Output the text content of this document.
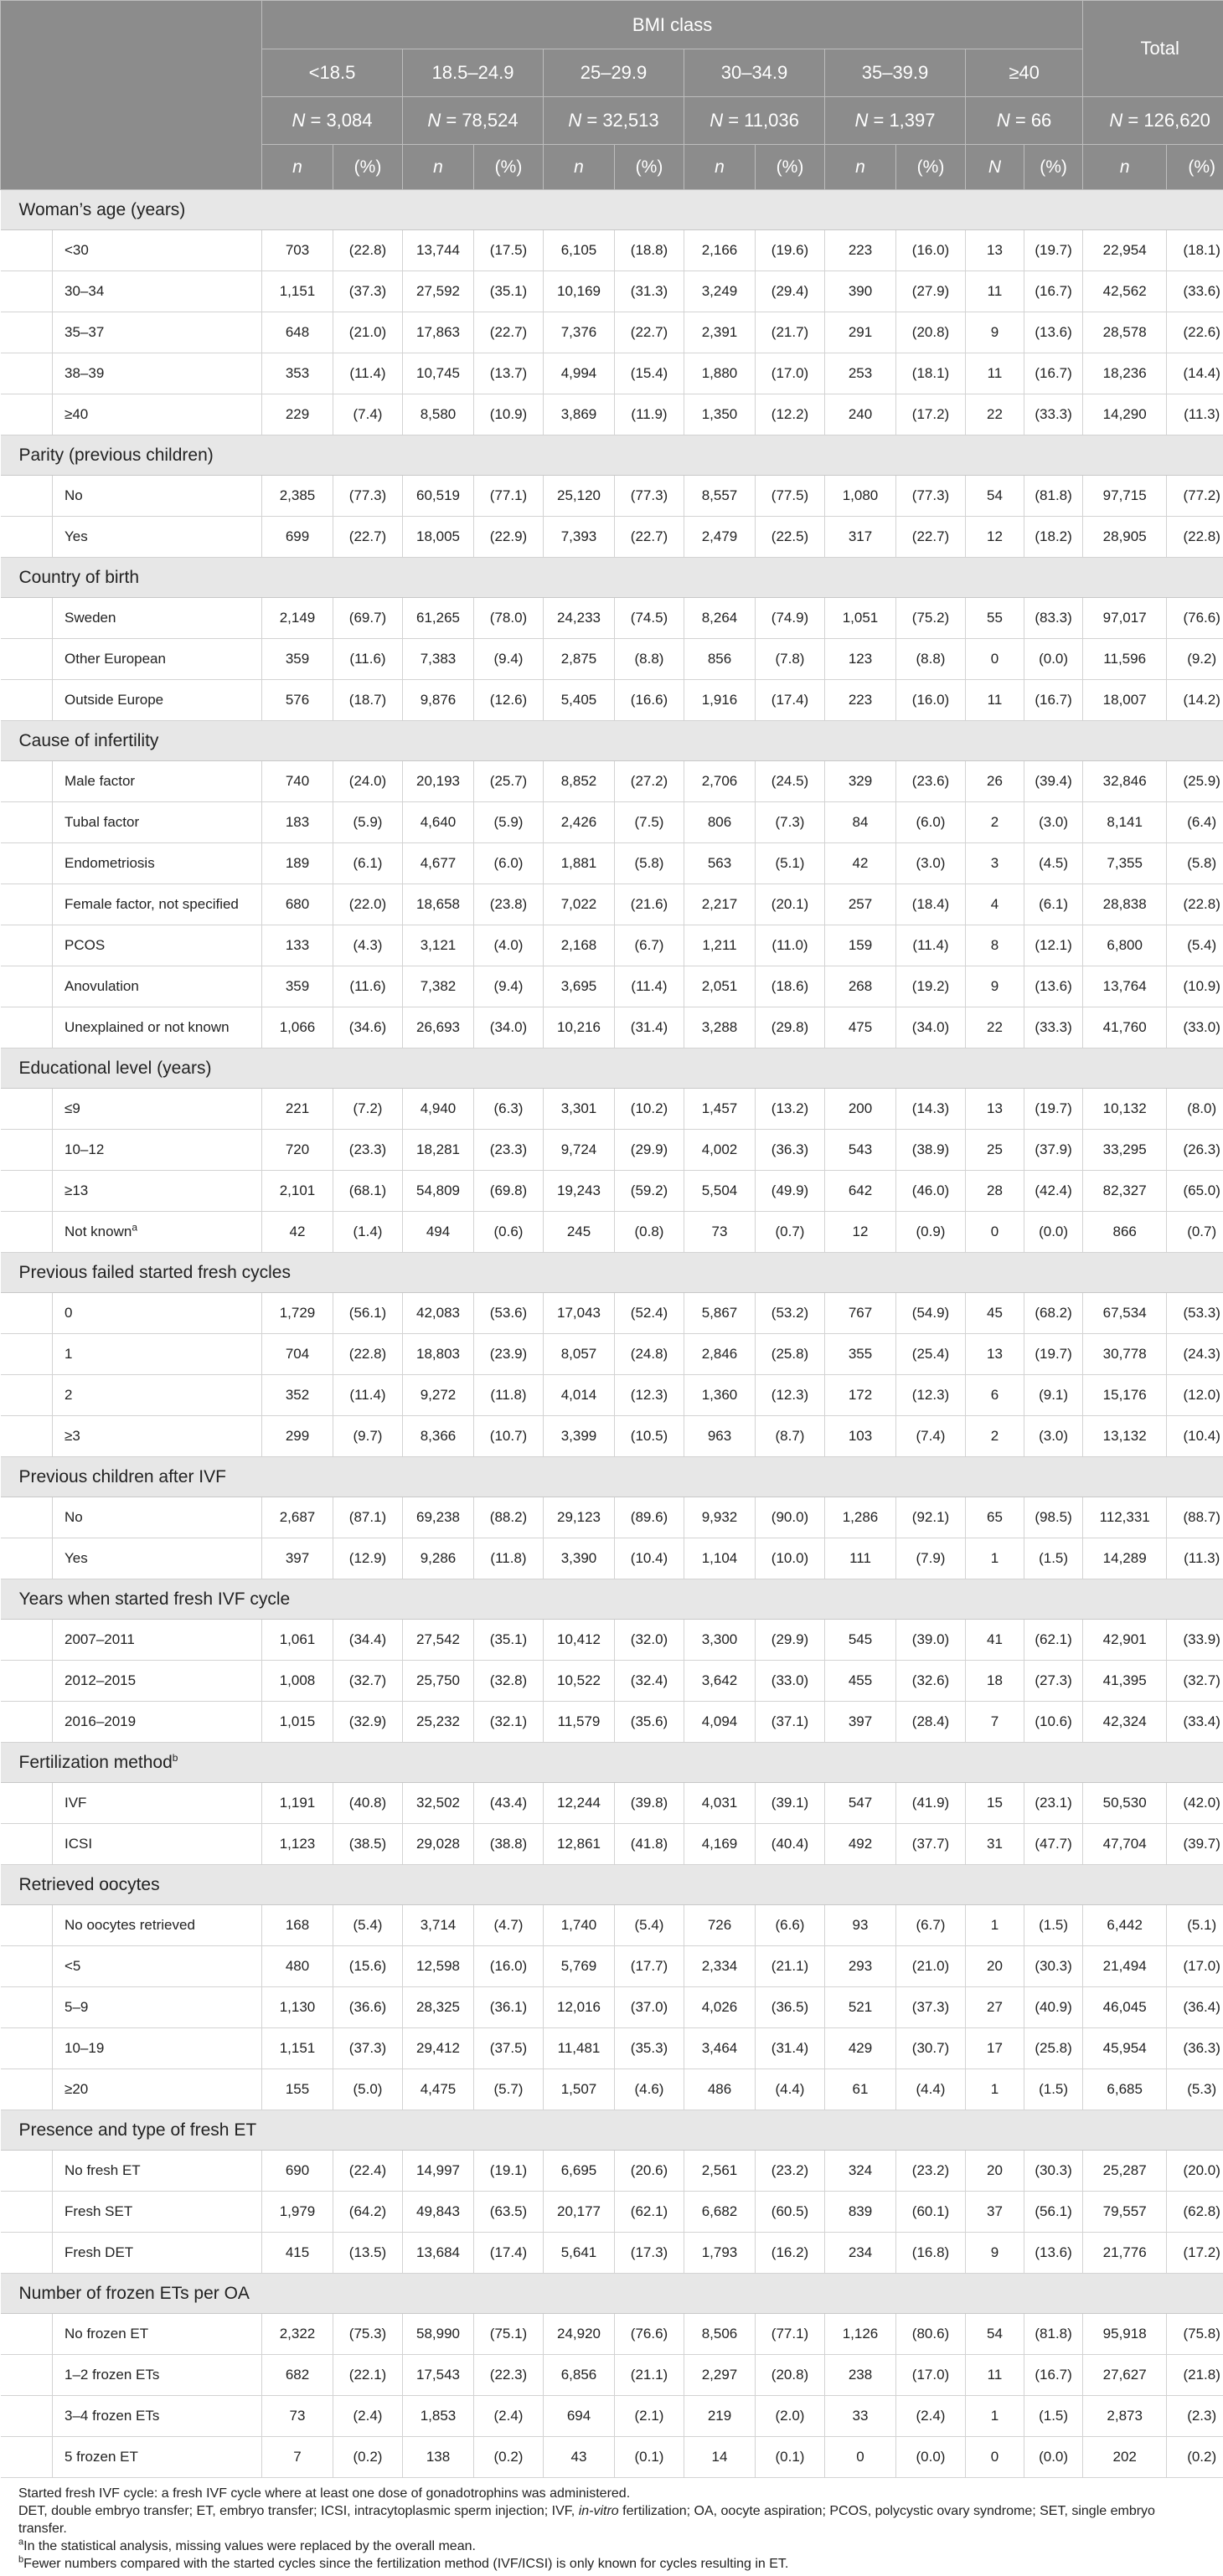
		BMI class												Total	
		<18.5		18.5–24.9		25–29.9		30–34.9		35–39.9		≥40			
		N = 3,084		N = 78,524		N = 32,513		N = 11,036		N = 1,397		N = 66		N = 126,620	
		n	(%)	n	(%)	n	(%)	n	(%)	n	(%)	N	(%)	n	(%)
Woman’s age (years)															
	<30	703	(22.8)	13,744	(17.5)	6,105	(18.8)	2,166	(19.6)	223	(16.0)	13	(19.7)	22,954	(18.1)
	30–34	1,151	(37.3)	27,592	(35.1)	10,169	(31.3)	3,249	(29.4)	390	(27.9)	11	(16.7)	42,562	(33.6)
	35–37	648	(21.0)	17,863	(22.7)	7,376	(22.7)	2,391	(21.7)	291	(20.8)	9	(13.6)	28,578	(22.6)
	38–39	353	(11.4)	10,745	(13.7)	4,994	(15.4)	1,880	(17.0)	253	(18.1)	11	(16.7)	18,236	(14.4)
	≥40	229	(7.4)	8,580	(10.9)	3,869	(11.9)	1,350	(12.2)	240	(17.2)	22	(33.3)	14,290	(11.3)
Parity (previous children)															
	No	2,385	(77.3)	60,519	(77.1)	25,120	(77.3)	8,557	(77.5)	1,080	(77.3)	54	(81.8)	97,715	(77.2)
	Yes	699	(22.7)	18,005	(22.9)	7,393	(22.7)	2,479	(22.5)	317	(22.7)	12	(18.2)	28,905	(22.8)
Country of birth															
	Sweden	2,149	(69.7)	61,265	(78.0)	24,233	(74.5)	8,264	(74.9)	1,051	(75.2)	55	(83.3)	97,017	(76.6)
	Other European	359	(11.6)	7,383	(9.4)	2,875	(8.8)	856	(7.8)	123	(8.8)	0	(0.0)	11,596	(9.2)
	Outside Europe	576	(18.7)	9,876	(12.6)	5,405	(16.6)	1,916	(17.4)	223	(16.0)	11	(16.7)	18,007	(14.2)
Cause of infertility															
	Male factor	740	(24.0)	20,193	(25.7)	8,852	(27.2)	2,706	(24.5)	329	(23.6)	26	(39.4)	32,846	(25.9)
	Tubal factor	183	(5.9)	4,640	(5.9)	2,426	(7.5)	806	(7.3)	84	(6.0)	2	(3.0)	8,141	(6.4)
	Endometriosis	189	(6.1)	4,677	(6.0)	1,881	(5.8)	563	(5.1)	42	(3.0)	3	(4.5)	7,355	(5.8)
	Female factor, not specified	680	(22.0)	18,658	(23.8)	7,022	(21.6)	2,217	(20.1)	257	(18.4)	4	(6.1)	28,838	(22.8)
	PCOS	133	(4.3)	3,121	(4.0)	2,168	(6.7)	1,211	(11.0)	159	(11.4)	8	(12.1)	6,800	(5.4)
	Anovulation	359	(11.6)	7,382	(9.4)	3,695	(11.4)	2,051	(18.6)	268	(19.2)	9	(13.6)	13,764	(10.9)
	Unexplained or not known	1,066	(34.6)	26,693	(34.0)	10,216	(31.4)	3,288	(29.8)	475	(34.0)	22	(33.3)	41,760	(33.0)
Educational level (years)															
	≤9	221	(7.2)	4,940	(6.3)	3,301	(10.2)	1,457	(13.2)	200	(14.3)	13	(19.7)	10,132	(8.0)
	10–12	720	(23.3)	18,281	(23.3)	9,724	(29.9)	4,002	(36.3)	543	(38.9)	25	(37.9)	33,295	(26.3)
	≥13	2,101	(68.1)	54,809	(69.8)	19,243	(59.2)	5,504	(49.9)	642	(46.0)	28	(42.4)	82,327	(65.0)
	Not known$^a$	42	(1.4)	494	(0.6)	245	(0.8)	73	(0.7)	12	(0.9)	0	(0.0)	866	(0.7)
Previous failed started fresh cycles															
	0	1,729	(56.1)	42,083	(53.6)	17,043	(52.4)	5,867	(53.2)	767	(54.9)	45	(68.2)	67,534	(53.3)
	1	704	(22.8)	18,803	(23.9)	8,057	(24.8)	2,846	(25.8)	355	(25.4)	13	(19.7)	30,778	(24.3)
	2	352	(11.4)	9,272	(11.8)	4,014	(12.3)	1,360	(12.3)	172	(12.3)	6	(9.1)	15,176	(12.0)
	≥3	299	(9.7)	8,366	(10.7)	3,399	(10.5)	963	(8.7)	103	(7.4)	2	(3.0)	13,132	(10.4)
Previous children after IVF															
	No	2,687	(87.1)	69,238	(88.2)	29,123	(89.6)	9,932	(90.0)	1,286	(92.1)	65	(98.5)	112,331	(88.7)
	Yes	397	(12.9)	9,286	(11.8)	3,390	(10.4)	1,104	(10.0)	111	(7.9)	1	(1.5)	14,289	(11.3)
Years when started fresh IVF cycle															
	2007–2011	1,061	(34.4)	27,542	(35.1)	10,412	(32.0)	3,300	(29.9)	545	(39.0)	41	(62.1)	42,901	(33.9)
	2012–2015	1,008	(32.7)	25,750	(32.8)	10,522	(32.4)	3,642	(33.0)	455	(32.6)	18	(27.3)	41,395	(32.7)
	2016–2019	1,015	(32.9)	25,232	(32.1)	11,579	(35.6)	4,094	(37.1)	397	(28.4)	7	(10.6)	42,324	(33.4)
Fertilization method$^b$
	IVF	1,191	(40.8)	32,502	(43.4)	12,244	(39.8)	4,031	(39.1)	547	(41.9)	15	(23.1)	50,530	(42.0)
	ICSI	1,123	(38.5)	29,028	(38.8)	12,861	(41.8)	4,169	(40.4)	492	(37.7)	31	(47.7)	47,704	(39.7)
Retrieved oocytes															
	No oocytes retrieved	168	(5.4)	3,714	(4.7)	1,740	(5.4)	726	(6.6)	93	(6.7)	1	(1.5)	6,442	(5.1)
	<5	480	(15.6)	12,598	(16.0)	5,769	(17.7)	2,334	(21.1)	293	(21.0)	20	(30.3)	21,494	(17.0)
	5–9	1,130	(36.6)	28,325	(36.1)	12,016	(37.0)	4,026	(36.5)	521	(37.3)	27	(40.9)	46,045	(36.4)
	10–19	1,151	(37.3)	29,412	(37.5)	11,481	(35.3)	3,464	(31.4)	429	(30.7)	17	(25.8)	45,954	(36.3)
	≥20	155	(5.0)	4,475	(5.7)	1,507	(4.6)	486	(4.4)	61	(4.4)	1	(1.5)	6,685	(5.3)
Presence and type of fresh ET															
	No fresh ET	690	(22.4)	14,997	(19.1)	6,695	(20.6)	2,561	(23.2)	324	(23.2)	20	(30.3)	25,287	(20.0)
	Fresh SET	1,979	(64.2)	49,843	(63.5)	20,177	(62.1)	6,682	(60.5)	839	(60.1)	37	(56.1)	79,557	(62.8)
	Fresh DET	415	(13.5)	13,684	(17.4)	5,641	(17.3)	1,793	(16.2)	234	(16.8)	9	(13.6)	21,776	(17.2)
Number of frozen ETs per OA															
	No frozen ET	2,322	(75.3)	58,990	(75.1)	24,920	(76.6)	8,506	(77.1)	1,126	(80.6)	54	(81.8)	95,918	(75.8)
	1–2 frozen ETs	682	(22.1)	17,543	(22.3)	6,856	(21.1)	2,297	(20.8)	238	(17.0)	11	(16.7)	27,627	(21.8)
	3–4 frozen ETs	73	(2.4)	1,853	(2.4)	694	(2.1)	219	(2.0)	33	(2.4)	1	(1.5)	2,873	(2.3)
	5 frozen ET	7	(0.2)	138	(0.2)	43	(0.1)	14	(0.1)	0	(0.0)	0	(0.0)	202	(0.2)
Started fresh IVF cycle: a fresh IVF cycle where at least one dose of gonadotrophins was administered.
DET, double embryo transfer; ET, embryo transfer; ICSI, intracytoplasmic sperm injection; IVF, in-vitro fertilization; OA, oocyte aspiration; PCOS, polycystic ovary syndrome; SET, single embryo transfer.
$^a$In the statistical analysis, missing values were replaced by the overall mean.
$^b$Fewer numbers compared with the started cycles since the fertilization method (IVF/ICSI) is only known for cycles resulting in ET.
